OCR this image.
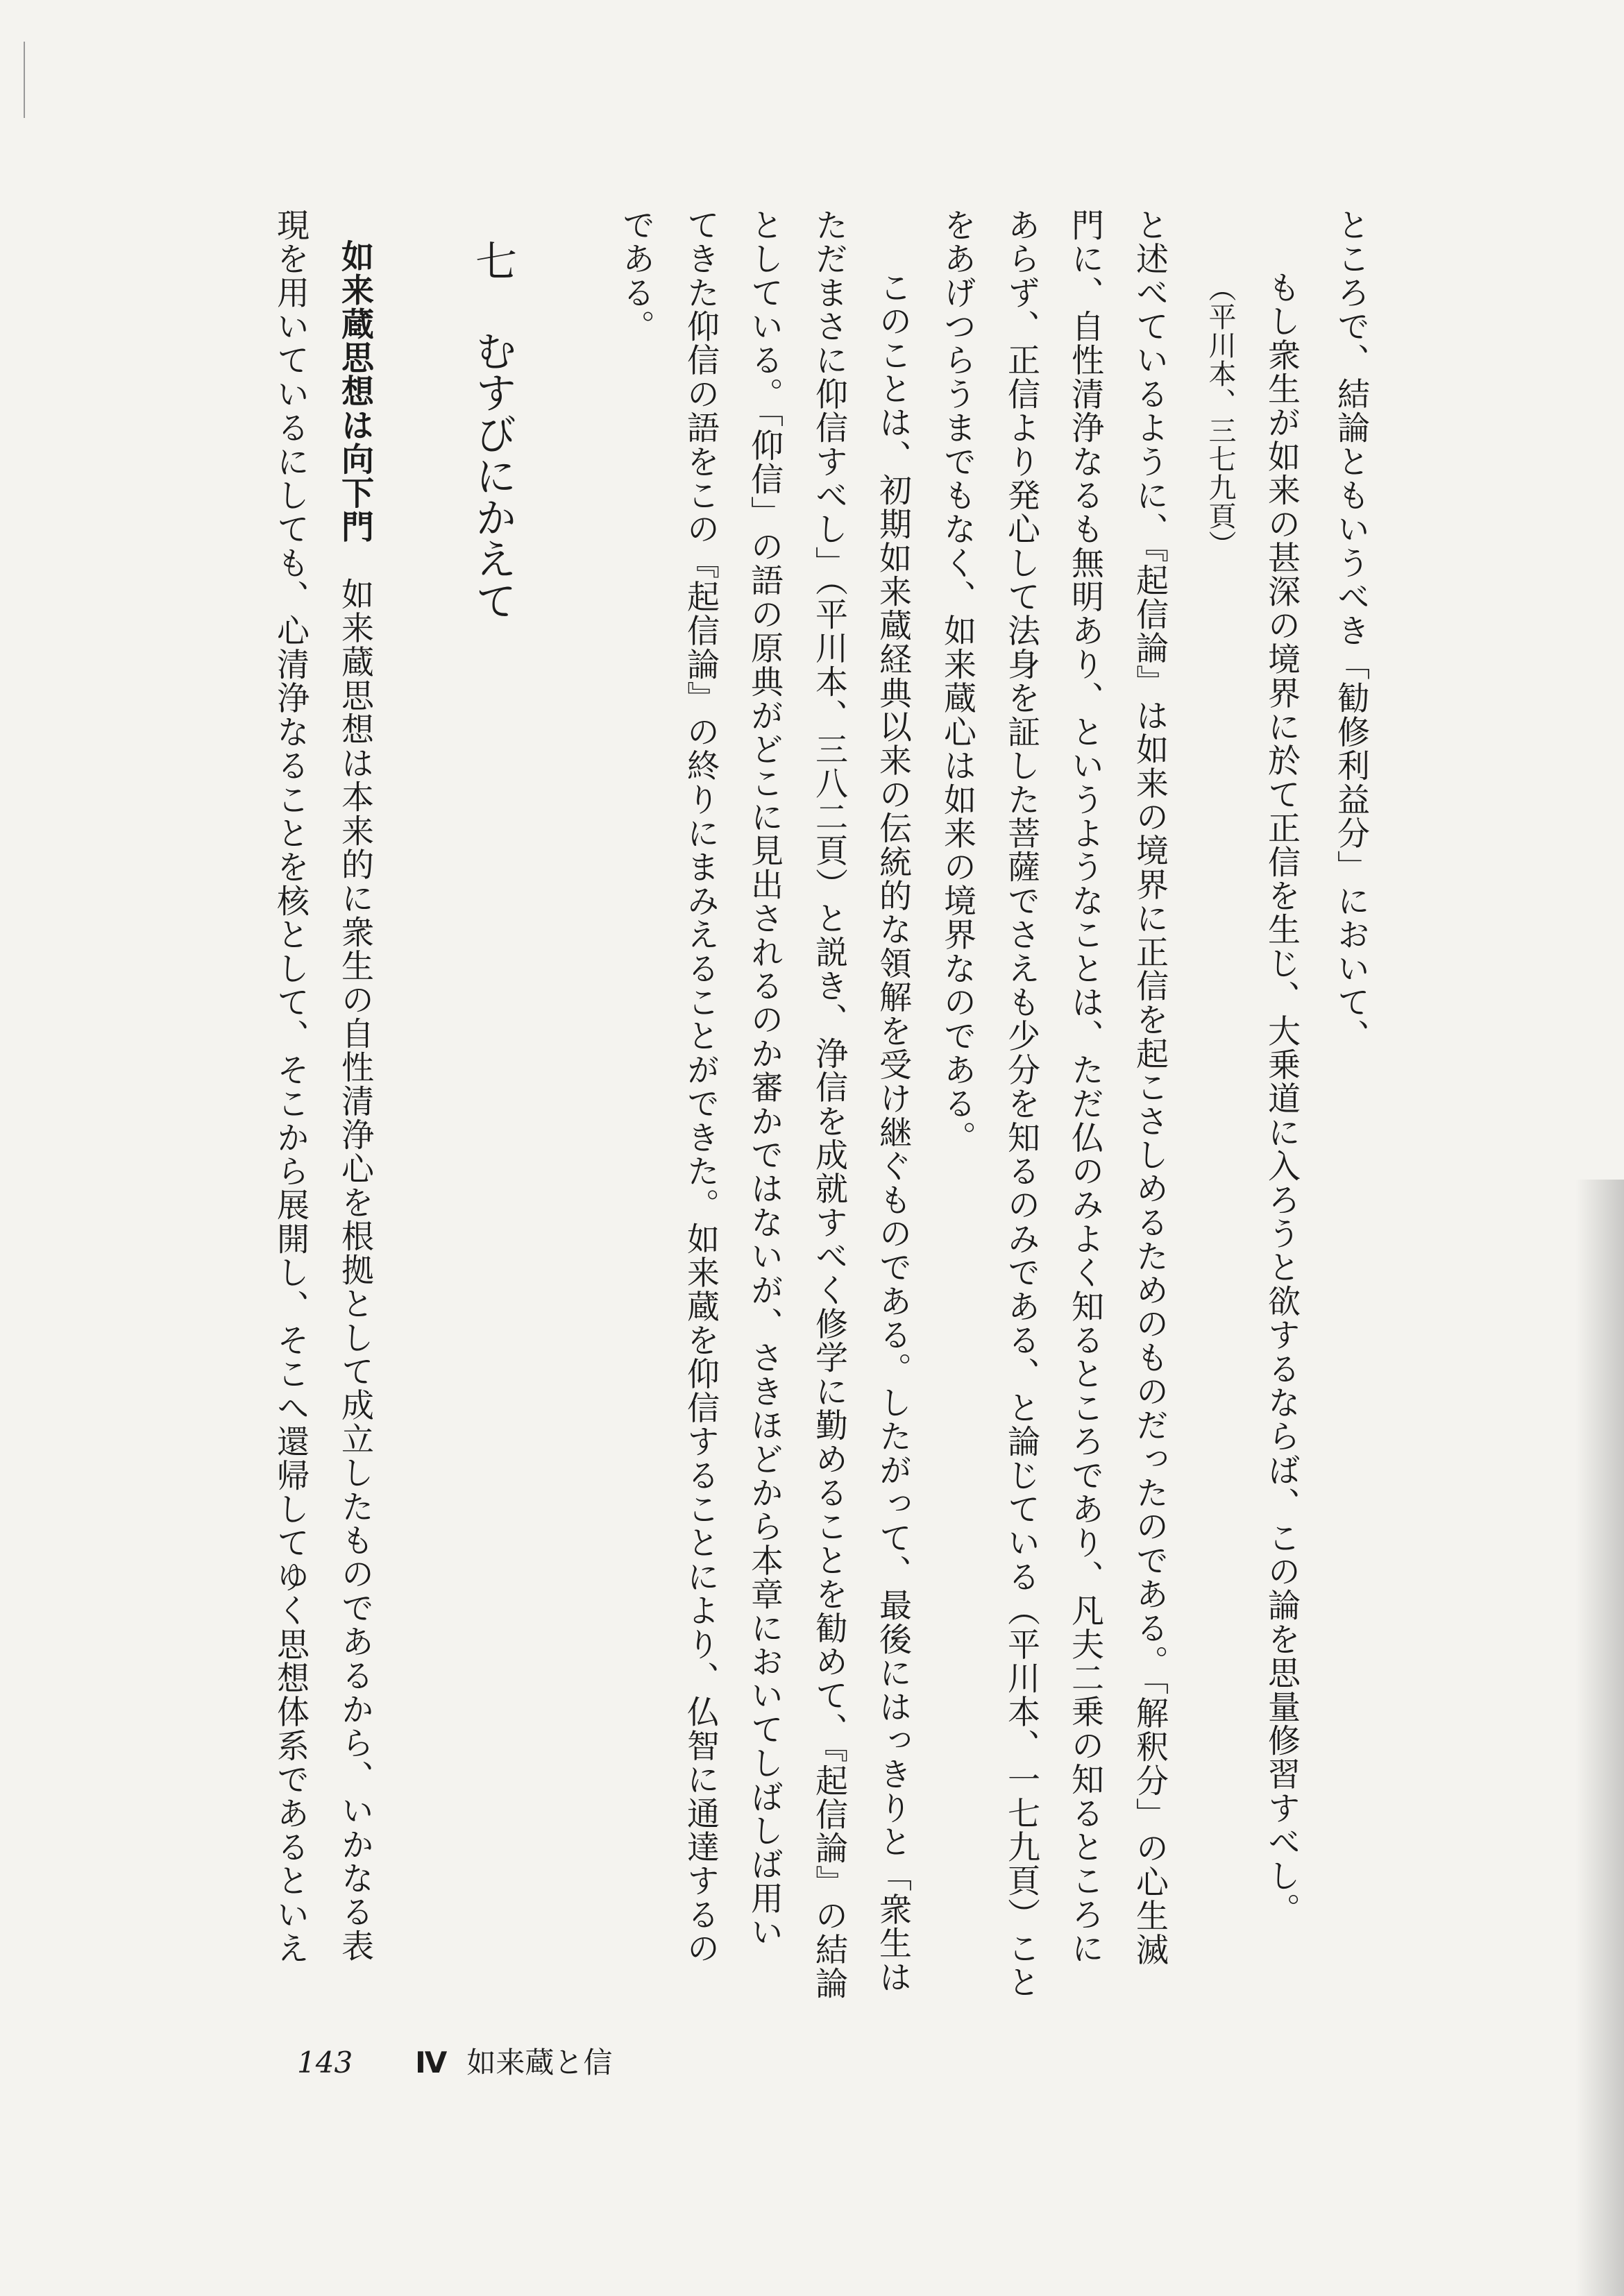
ところで、結論ともいうべき「勧修利益分」において、
もし衆生が如来の甚深の境界に於て正信を生じ、大乗道に入ろうと欲するならば、この論を思量修習すべし。
（平川本、三七九頁）
と述べているように、『起信論』は如来の境界に正信を起こさしめるためのものだったのである。「解釈分」の心生滅
門に、自性清浄なるも無明あり、というようなことは、ただ仏のみよく知るところであり、凡夫二乗の知るところに
あらず、正信より発心して法身を証した菩薩でさえも少分を知るのみである、と論じている（平川本、一七九頁）こと
をあげつらうまでもなく、如来蔵心は如来の境界なのである。
このことは、初期如来蔵経典以来の伝統的な領解を受け継ぐものである。したがって、最後にはっきりと「衆生は
ただまさに仰信すべし」（平川本、三八二頁）と説き、浄信を成就すべく修学に勤めることを勧めて、『起信論』の結論
としている。「仰信」の語の原典がどこに見出されるのか審かではないが、さきほどから本章においてしばしば用い
てきた仰信の語をこの『起信論』の終りにまみえることができた。如来蔵を仰信することにより、仏智に通達するの
である。
七むすびにかえて
如来蔵思想は向下門　如来蔵思想は本来的に衆生の自性清浄心を根拠として成立したものであるから、いかなる表
現を用いているにしても、心清浄なることを核として、そこから展開し、そこへ還帰してゆく思想体系であるといえ
143 Ⅳ 如来蔵と信
